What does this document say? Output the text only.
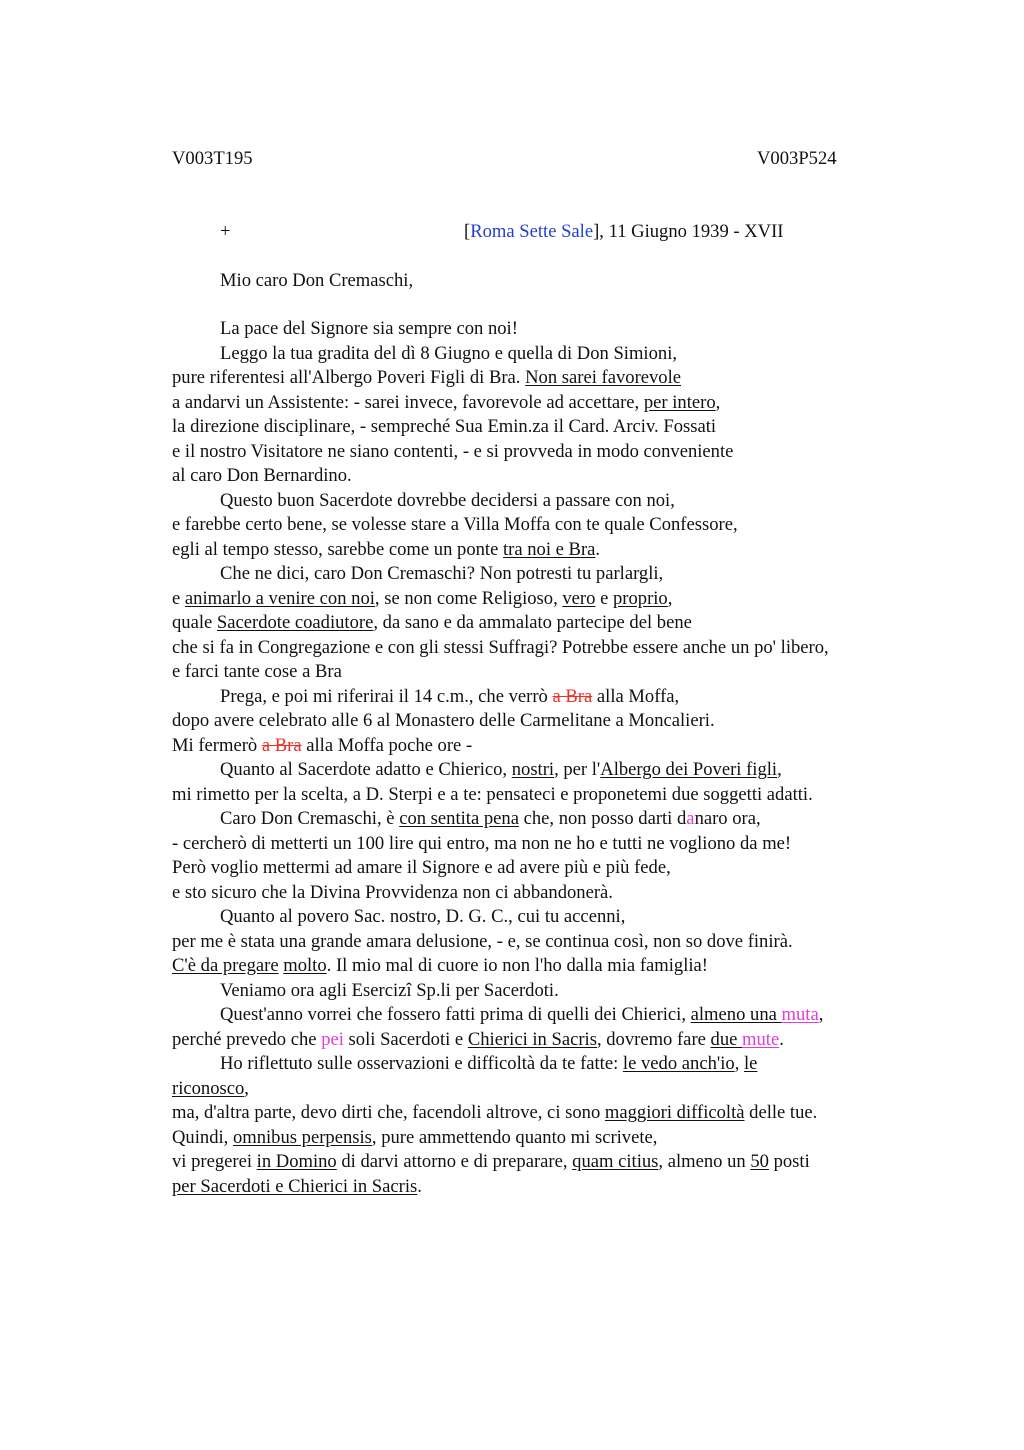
V003T195	V003P524
+	[Roma Sette Sale], 11 Giugno 1939 - XVII
Mio caro Don Cremaschi,
La pace del Signore sia sempre con noi!
Leggo la tua gradita del dì 8 Giugno e quella di Don Simioni,
pure riferentesi all'Albergo Poveri Figli di Bra. Non sarei favorevole
a andarvi un Assistente: - sarei invece, favorevole ad accettare, per intero,
la direzione disciplinare, - sempreché Sua Emin.za il Card. Arciv. Fossati
e il nostro Visitatore ne siano contenti, - e si provveda in modo conveniente
al caro Don Bernardino.
Questo buon Sacerdote dovrebbe decidersi a passare con noi,
e farebbe certo bene, se volesse stare a Villa Moffa con te quale Confessore,
egli al tempo stesso, sarebbe come un ponte tra noi e Bra.
Che ne dici, caro Don Cremaschi? Non potresti tu parlargli,
e animarlo a venire con noi, se non come Religioso, vero e proprio,
quale Sacerdote coadiutore, da sano e da ammalato partecipe del bene
che si fa in Congregazione e con gli stessi Suffragi? Potrebbe essere anche un po' libero,
e farci tante cose a Bra
Prega, e poi mi riferirai il 14 c.m., che verrò a Bra alla Moffa,
dopo avere celebrato alle 6 al Monastero delle Carmelitane a Moncalieri.
Mi fermerò a Bra alla Moffa poche ore -
Quanto al Sacerdote adatto e Chierico, nostri, per l'Albergo dei Poveri figli,
mi rimetto per la scelta, a D. Sterpi e a te: pensateci e proponetemi due soggetti adatti.
Caro Don Cremaschi, è con sentita pena che, non posso darti danaro ora,
- cercherò di metterti un 100 lire qui entro, ma non ne ho e tutti ne vogliono da me!
Però voglio mettermi ad amare il Signore e ad avere più e più fede,
e sto sicuro che la Divina Provvidenza non ci abbandonerà.
Quanto al povero Sac. nostro, D. G. C., cui tu accenni,
per me è stata una grande amara delusione, - e, se continua così, non so dove finirà.
C'è da pregare molto. Il mio mal di cuore io non l'ho dalla mia famiglia!
Veniamo ora agli Esercizî Sp.li per Sacerdoti.
Quest'anno vorrei che fossero fatti prima di quelli dei Chierici, almeno una muta,
perché prevedo che pei soli Sacerdoti e Chierici in Sacris, dovremo fare due mute.
Ho riflettuto sulle osservazioni e difficoltà da te fatte: le vedo anch'io, le
riconosco,
ma, d'altra parte, devo dirti che, facendoli altrove, ci sono maggiori difficoltà delle tue.
Quindi, omnibus perpensis, pure ammettendo quanto mi scrivete,
vi pregerei in Domino di darvi attorno e di preparare, quam citius, almeno un 50 posti
per Sacerdoti e Chierici in Sacris.
